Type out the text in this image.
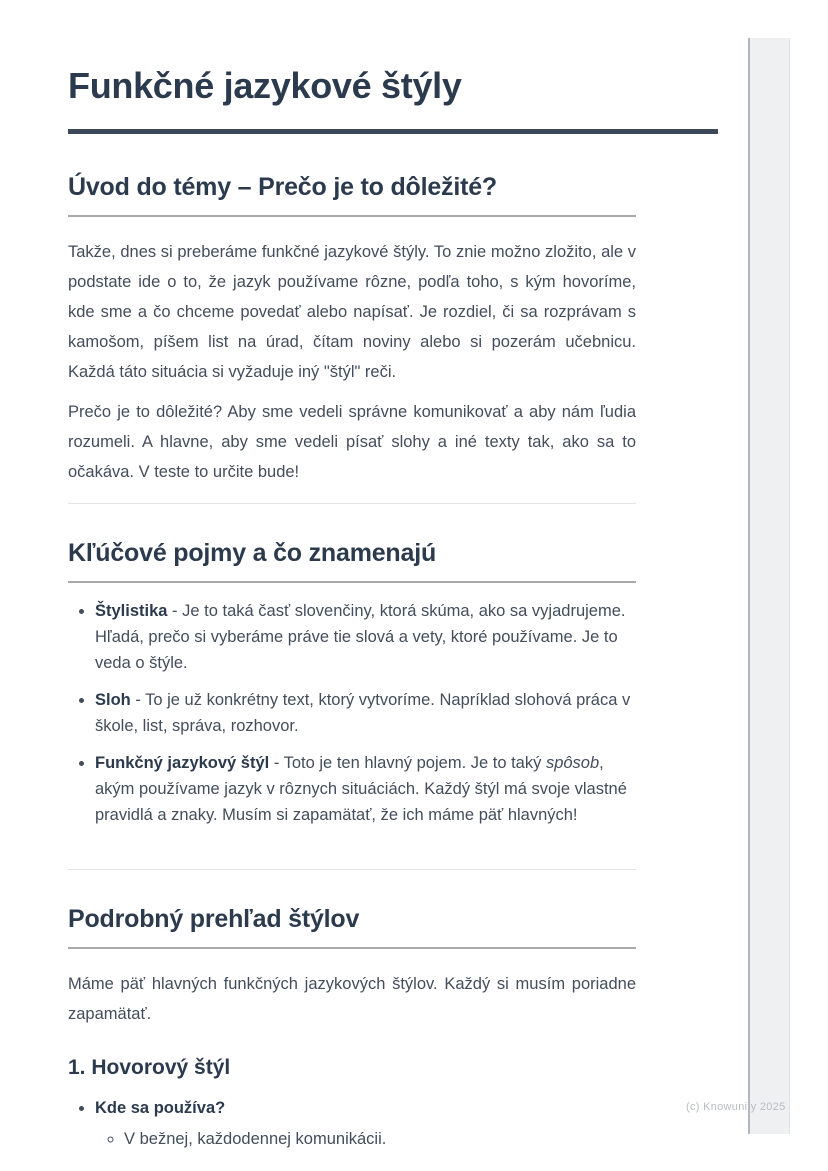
Funkčné jazykové štýly
Úvod do témy – Prečo je to dôležité?

Takže, dnes si preberáme funkčné jazykové štýly. To znie možno zložito, ale v podstate ide o to, že jazyk používame rôzne, podľa toho, s kým hovoríme, kde sme a čo chceme povedať alebo napísať. Je rozdiel, či sa rozprávam s kamošom, píšem list na úrad, čítam noviny alebo si pozerám učebnicu. Každá táto situácia si vyžaduje iný "štýl" reči.

Prečo je to dôležité? Aby sme vedeli správne komunikovať a aby nám ľudia rozumeli. A hlavne, aby sme vedeli písať slohy a iné texty tak, ako sa to očakáva. V teste to určite bude!

Kľúčové pojmy a čo znamenajú
• Štylistika - Je to taká časť slovenčiny, ktorá skúma, ako sa vyjadrujeme. Hľadá, prečo si vyberáme práve tie slová a vety, ktoré používame. Je to veda o štýle.
• Sloh - To je už konkrétny text, ktorý vytvoríme. Napríklad slohová práca v škole, list, správa, rozhovor.
• Funkčný jazykový štýl - Toto je ten hlavný pojem. Je to taký spôsob, akým používame jazyk v rôznych situáciách. Každý štýl má svoje vlastné pravidlá a znaky. Musím si zapamätať, že ich máme päť hlavných!
Podrobný prehľad štýlov

Máme päť hlavných funkčných jazykových štýlov. Každý si musím poriadne zapamätať.

1. Hovorový štýl
• Kde sa používa?
◦ V bežnej, každodennej komunikácii.
(c) Knowunity 2025
